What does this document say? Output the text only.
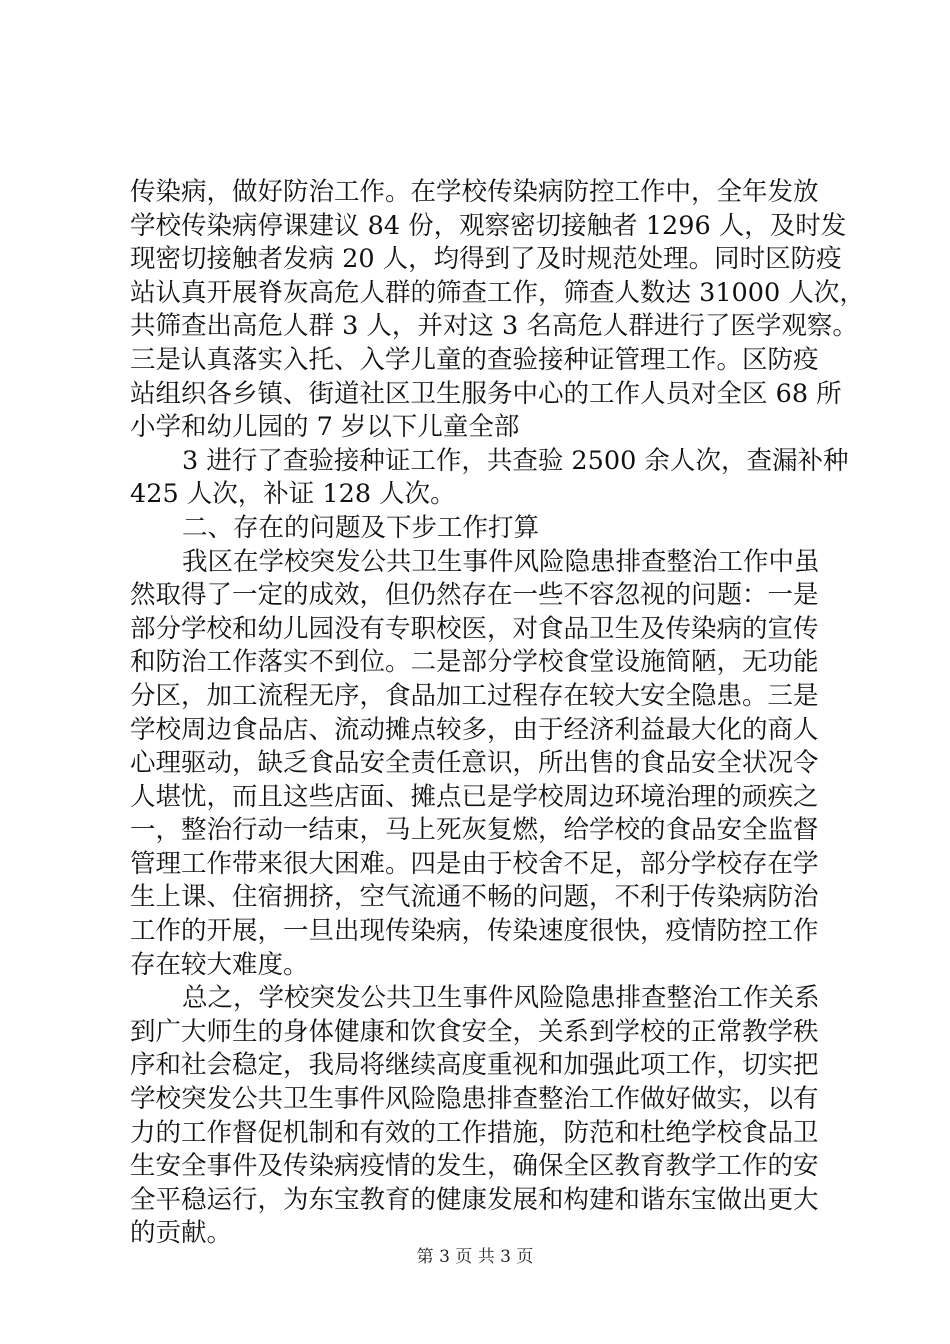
传染病，做好防治工作。在学校传染病防控工作中，全年发放
学校传染病停课建议 84 份，观察密切接触者 1296 人，及时发
现密切接触者发病 20 人，均得到了及时规范处理。同时区防疫
站认真开展脊灰高危人群的筛查工作，筛查人数达 31000 人次，
共筛查出高危人群 3 人，并对这 3 名高危人群进行了医学观察。
三是认真落实入托、入学儿童的查验接种证管理工作。区防疫
站组织各乡镇、街道社区卫生服务中心的工作人员对全区 68 所
小学和幼儿园的 7 岁以下儿童全部
3 进行了查验接种证工作，共查验 2500 余人次，查漏补种
425 人次，补证 128 人次。
二、存在的问题及下步工作打算
我区在学校突发公共卫生事件风险隐患排查整治工作中虽
然取得了一定的成效，但仍然存在一些不容忽视的问题：一是
部分学校和幼儿园没有专职校医，对食品卫生及传染病的宣传
和防治工作落实不到位。二是部分学校食堂设施简陋，无功能
分区，加工流程无序，食品加工过程存在较大安全隐患。三是
学校周边食品店、流动摊点较多，由于经济利益最大化的商人
心理驱动，缺乏食品安全责任意识，所出售的食品安全状况令
人堪忧，而且这些店面、摊点已是学校周边环境治理的顽疾之
一，整治行动一结束，马上死灰复燃，给学校的食品安全监督
管理工作带来很大困难。四是由于校舍不足，部分学校存在学
生上课、住宿拥挤，空气流通不畅的问题，不利于传染病防治
工作的开展，一旦出现传染病，传染速度很快，疫情防控工作
存在较大难度。
总之，学校突发公共卫生事件风险隐患排查整治工作关系
到广大师生的身体健康和饮食安全，关系到学校的正常教学秩
序和社会稳定，我局将继续高度重视和加强此项工作，切实把
学校突发公共卫生事件风险隐患排查整治工作做好做实，以有
力的工作督促机制和有效的工作措施，防范和杜绝学校食品卫
生安全事件及传染病疫情的发生，确保全区教育教学工作的安
全平稳运行，为东宝教育的健康发展和构建和谐东宝做出更大
的贡献。
第 3 页 共 3 页
